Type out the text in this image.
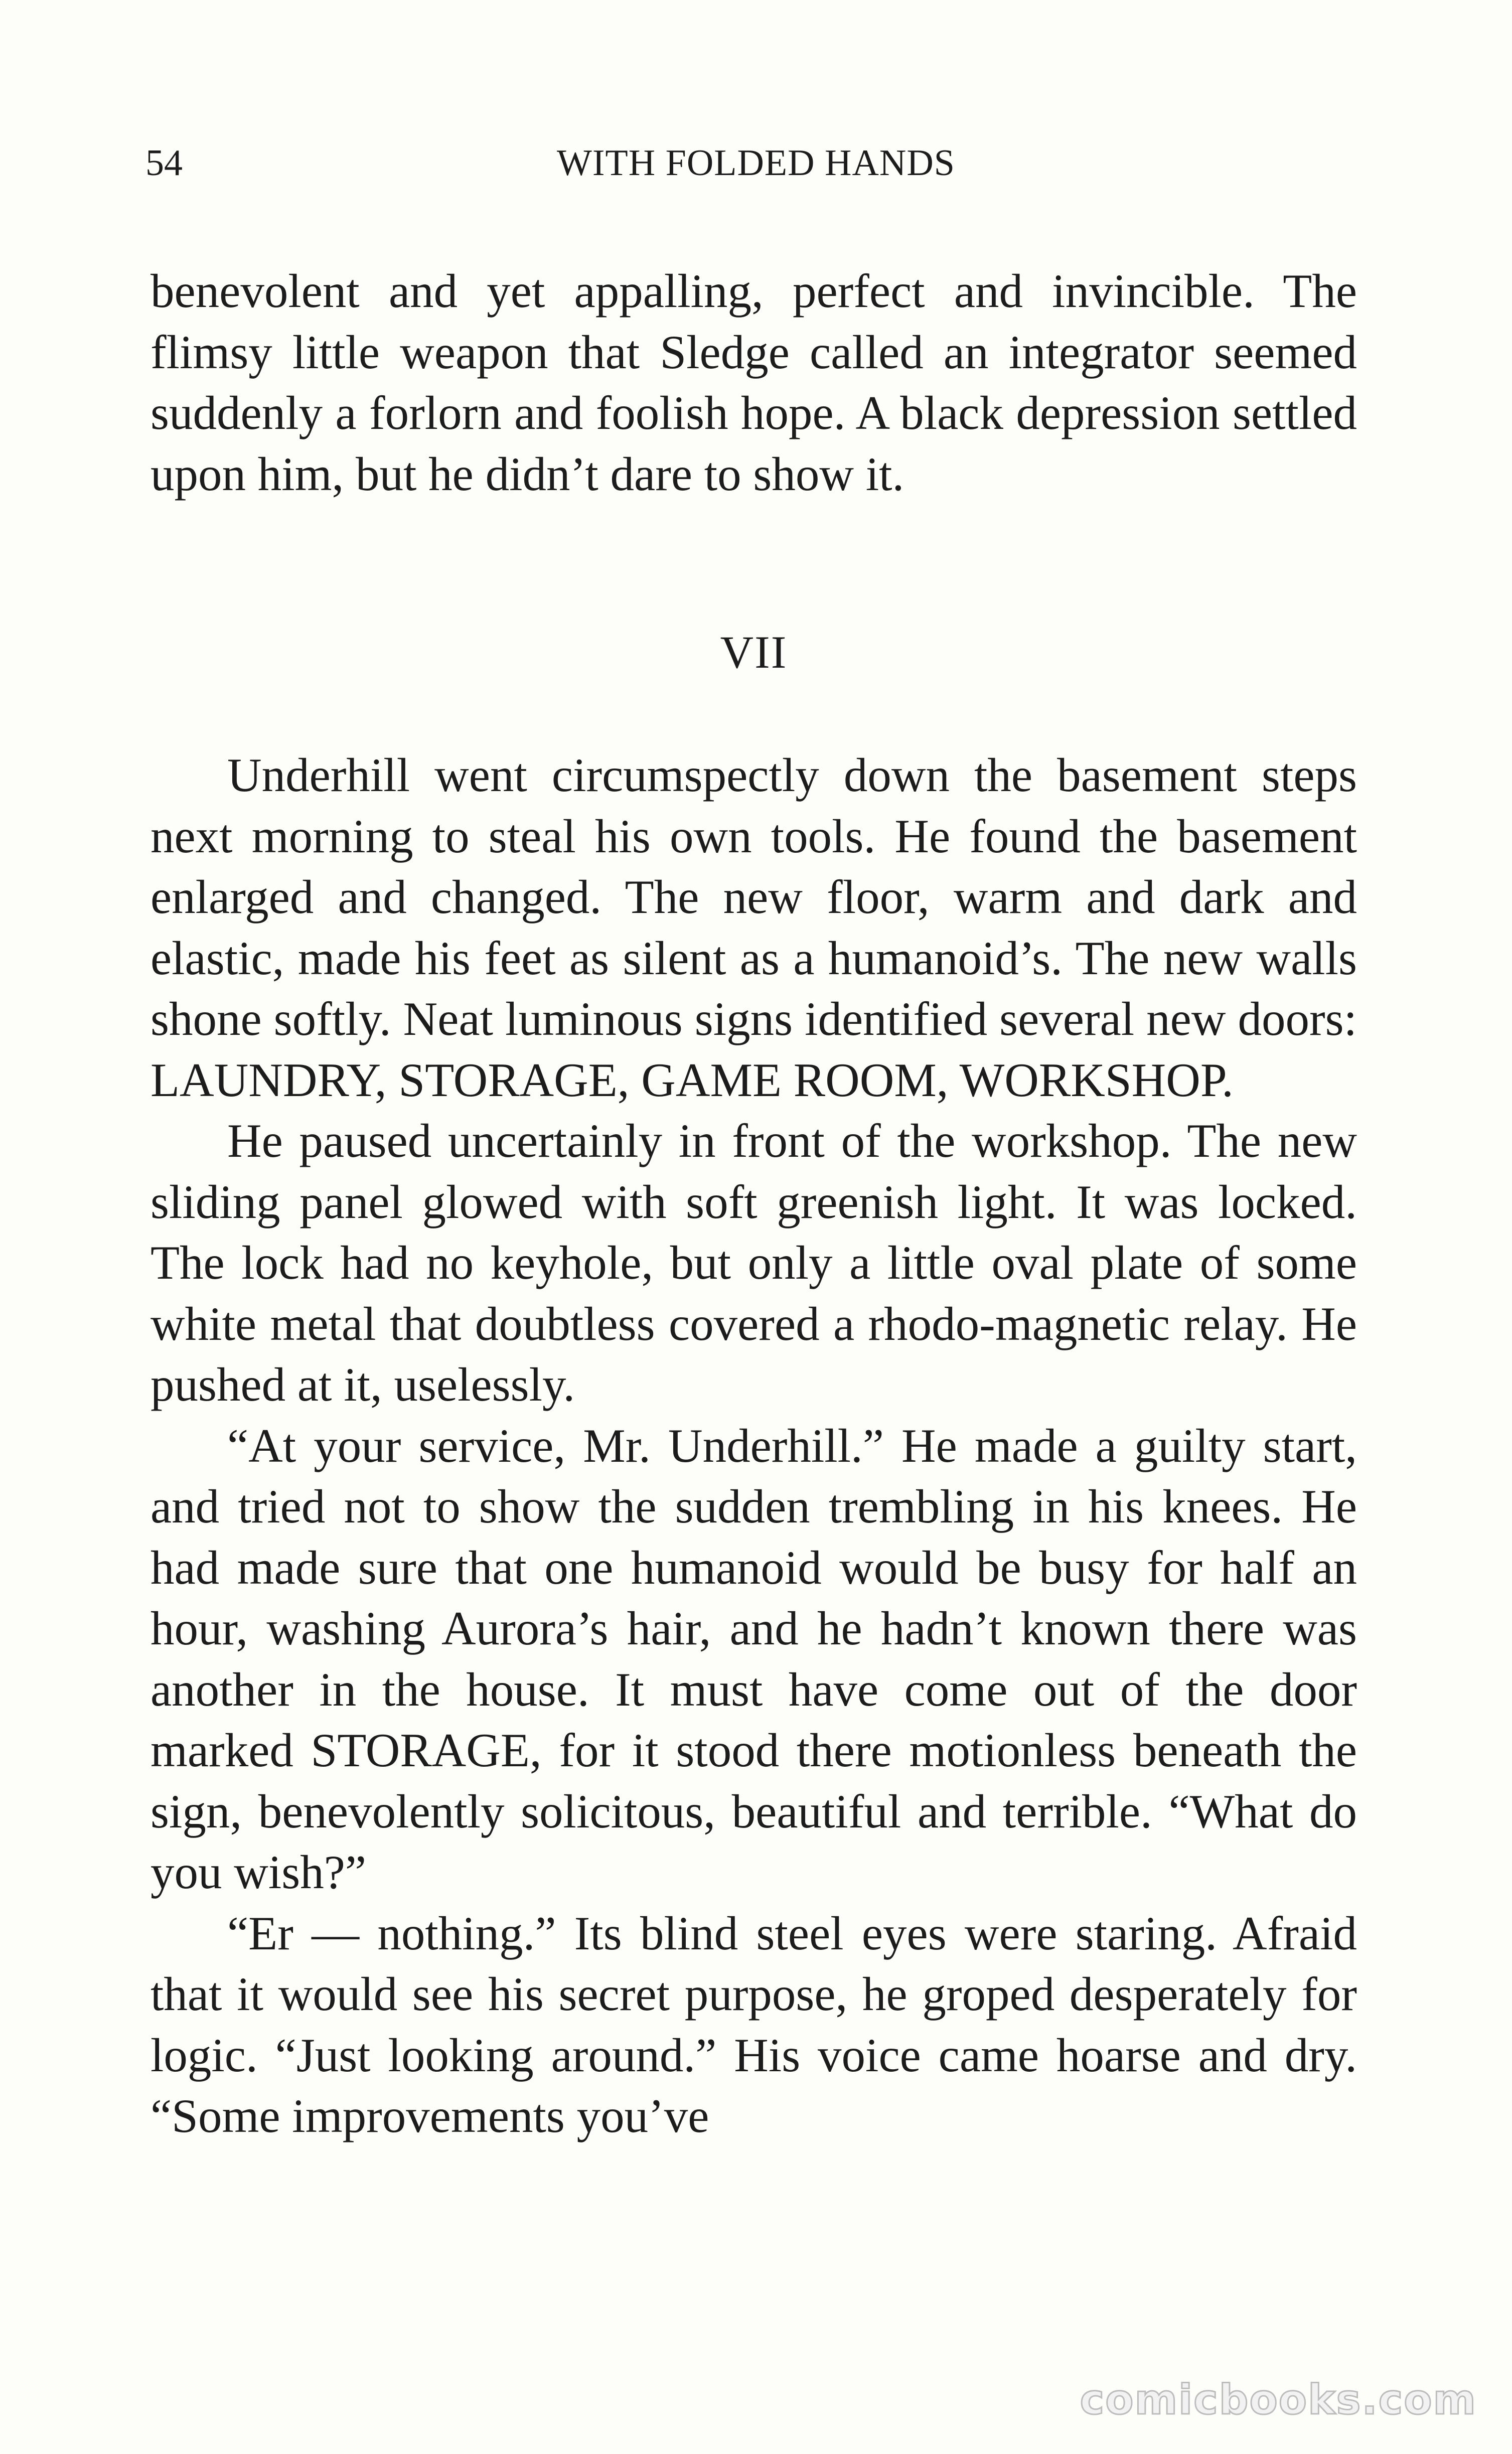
54	WITH FOLDED HANDS

benevolent and yet appalling, perfect and invincible. The flimsy little weapon that Sledge called an integrator seemed suddenly a forlorn and foolish hope. A black depression settled upon him, but he didn’t dare to show it.

VII

Underhill went circumspectly down the basement steps next morning to steal his own tools. He found the basement enlarged and changed. The new floor, warm and dark and elastic, made his feet as silent as a humanoid’s. The new walls shone softly. Neat luminous signs identified several new doors: LAUNDRY, STORAGE, GAME ROOM, WORKSHOP.

He paused uncertainly in front of the workshop. The new sliding panel glowed with soft greenish light. It was locked. The lock had no keyhole, but only a little oval plate of some white metal that doubtless covered a rhodo-magnetic relay. He pushed at it, uselessly.

“At your service, Mr. Underhill.” He made a guilty start, and tried not to show the sudden trembling in his knees. He had made sure that one humanoid would be busy for half an hour, washing Aurora’s hair, and he hadn’t known there was another in the house. It must have come out of the door marked STORAGE, for it stood there motionless beneath the sign, benevolently solicitous, beautiful and terrible. “What do you wish?”

“Er — nothing.” Its blind steel eyes were staring. Afraid that it would see his secret purpose, he groped desperately for logic. “Just looking around.” His voice came hoarse and dry. “Some improvements you’ve

comicbooks.com
